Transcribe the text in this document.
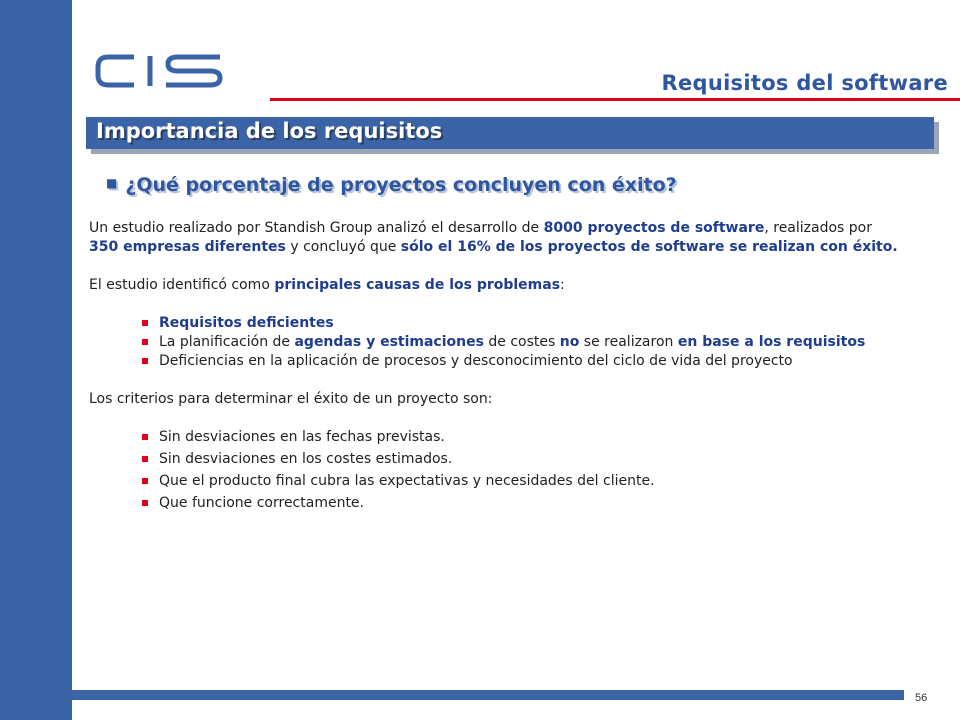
Requisitos del software
Importancia de los requisitos
■ ¿Qué porcentaje de proyectos concluyen con éxito?

Un estudio realizado por Standish Group analizó el desarrollo de 8000 proyectos de software, realizados por 350 empresas diferentes y concluyó que sólo el 16% de los proyectos de software se realizan con éxito.

El estudio identificó como principales causas de los problemas:

Requisitos deficientes
La planificación de agendas y estimaciones de costes no se realizaron en base a los requisitos
Deficiencias en la aplicación de procesos y desconocimiento del ciclo de vida del proyecto

Los criterios para determinar el éxito de un proyecto son:

Sin desviaciones en las fechas previstas.
Sin desviaciones en los costes estimados.
Que el producto final cubra las expectativas y necesidades del cliente.
Que funcione correctamente.
56
